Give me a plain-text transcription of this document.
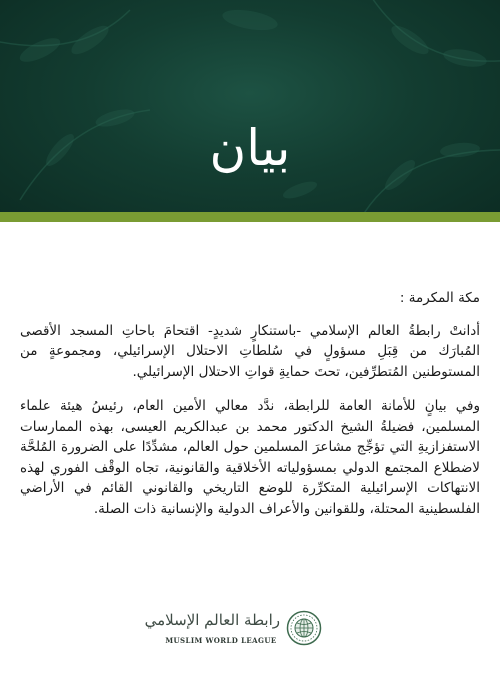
بيان

مكة المكرمة :

أدانتْ رابطةُ العالم الإسلامي -باستنكارٍ شديدٍ- اقتحامَ باحاتِ المسجد الأقصى المُبارَك من قِبَلِ مسؤولٍ في سُلطاتِ الاحتلال الإسرائيلي، ومجموعةٍ من المستوطنين المُتطرِّفين، تحتَ حمايةِ قواتِ الاحتلال الإسرائيلي.

وفي بيانٍ للأمانة العامة للرابطة، ندَّد معالي الأمين العام، رئيسُ هيئة علماء المسلمين، فضيلةُ الشيخ الدكتور محمد بن عبدالكريم العيسى، بهذه الممارسات الاستفزازيةِ التي تؤجِّج مشاعرَ المسلمين حول العالم، مشدِّدًا على الضرورة المُلحَّة لاضطلاع المجتمع الدولي بمسؤولياته الأخلاقية والقانونية، تجاه الوقْف الفوري لهذه الانتهاكات الإسرائيلية المتكرِّرة للوضع التاريخي والقانوني القائم في الأراضي الفلسطينية المحتلة، وللقوانين والأعراف الدولية والإنسانية ذات الصلة.

رابطة العالم الإسلامي
MUSLIM WORLD LEAGUE
